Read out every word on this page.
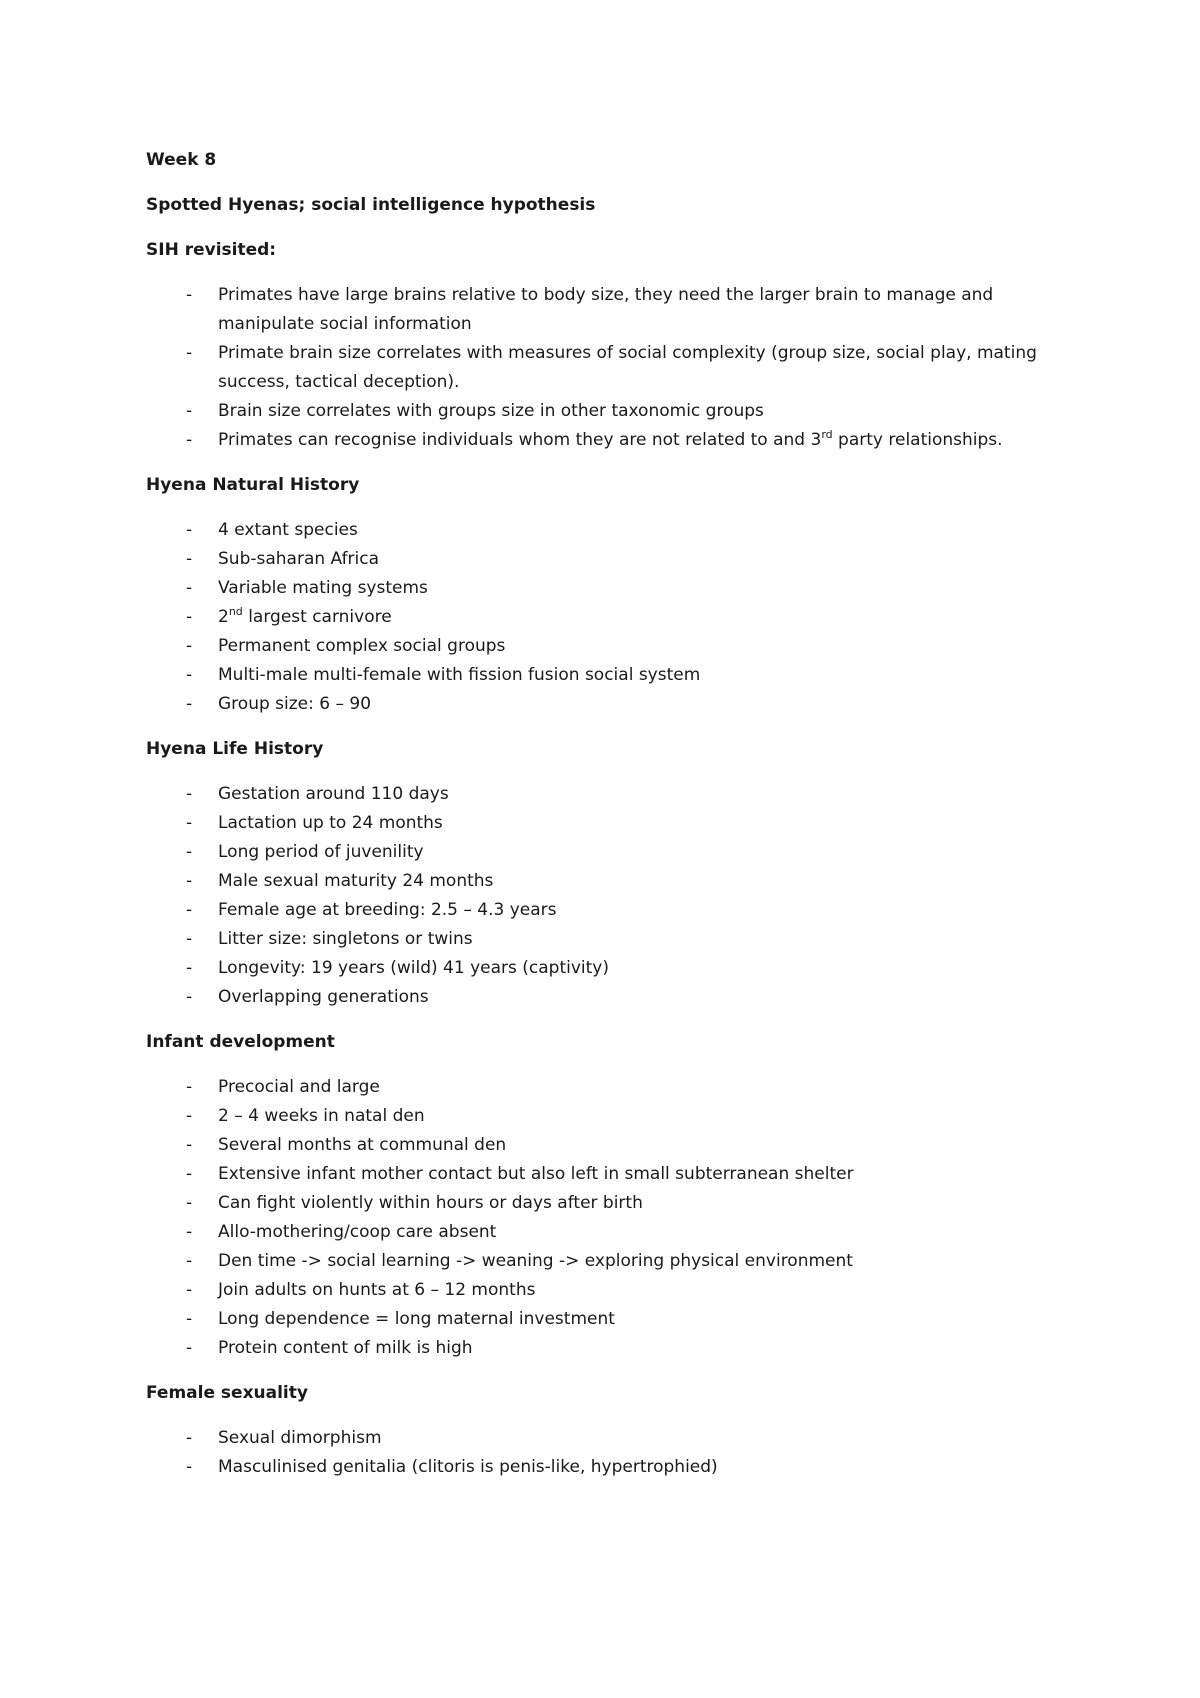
Week 8
Spotted Hyenas; social intelligence hypothesis
SIH revisited:
- Primates have large brains relative to body size, they need the larger brain to manage and manipulate social information
- Primate brain size correlates with measures of social complexity (group size, social play, mating success, tactical deception).
- Brain size correlates with groups size in other taxonomic groups
- Primates can recognise individuals whom they are not related to and 3rd party relationships.
Hyena Natural History
- 4 extant species
- Sub-saharan Africa
- Variable mating systems
- 2nd largest carnivore
- Permanent complex social groups
- Multi-male multi-female with fission fusion social system
- Group size: 6 – 90
Hyena Life History
- Gestation around 110 days
- Lactation up to 24 months
- Long period of juvenility
- Male sexual maturity 24 months
- Female age at breeding: 2.5 – 4.3 years
- Litter size: singletons or twins
- Longevity: 19 years (wild) 41 years (captivity)
- Overlapping generations
Infant development
- Precocial and large
- 2 – 4 weeks in natal den
- Several months at communal den
- Extensive infant mother contact but also left in small subterranean shelter
- Can fight violently within hours or days after birth
- Allo-mothering/coop care absent
- Den time -> social learning -> weaning -> exploring physical environment
- Join adults on hunts at 6 – 12 months
- Long dependence = long maternal investment
- Protein content of milk is high
Female sexuality
- Sexual dimorphism
- Masculinised genitalia (clitoris is penis-like, hypertrophied)
